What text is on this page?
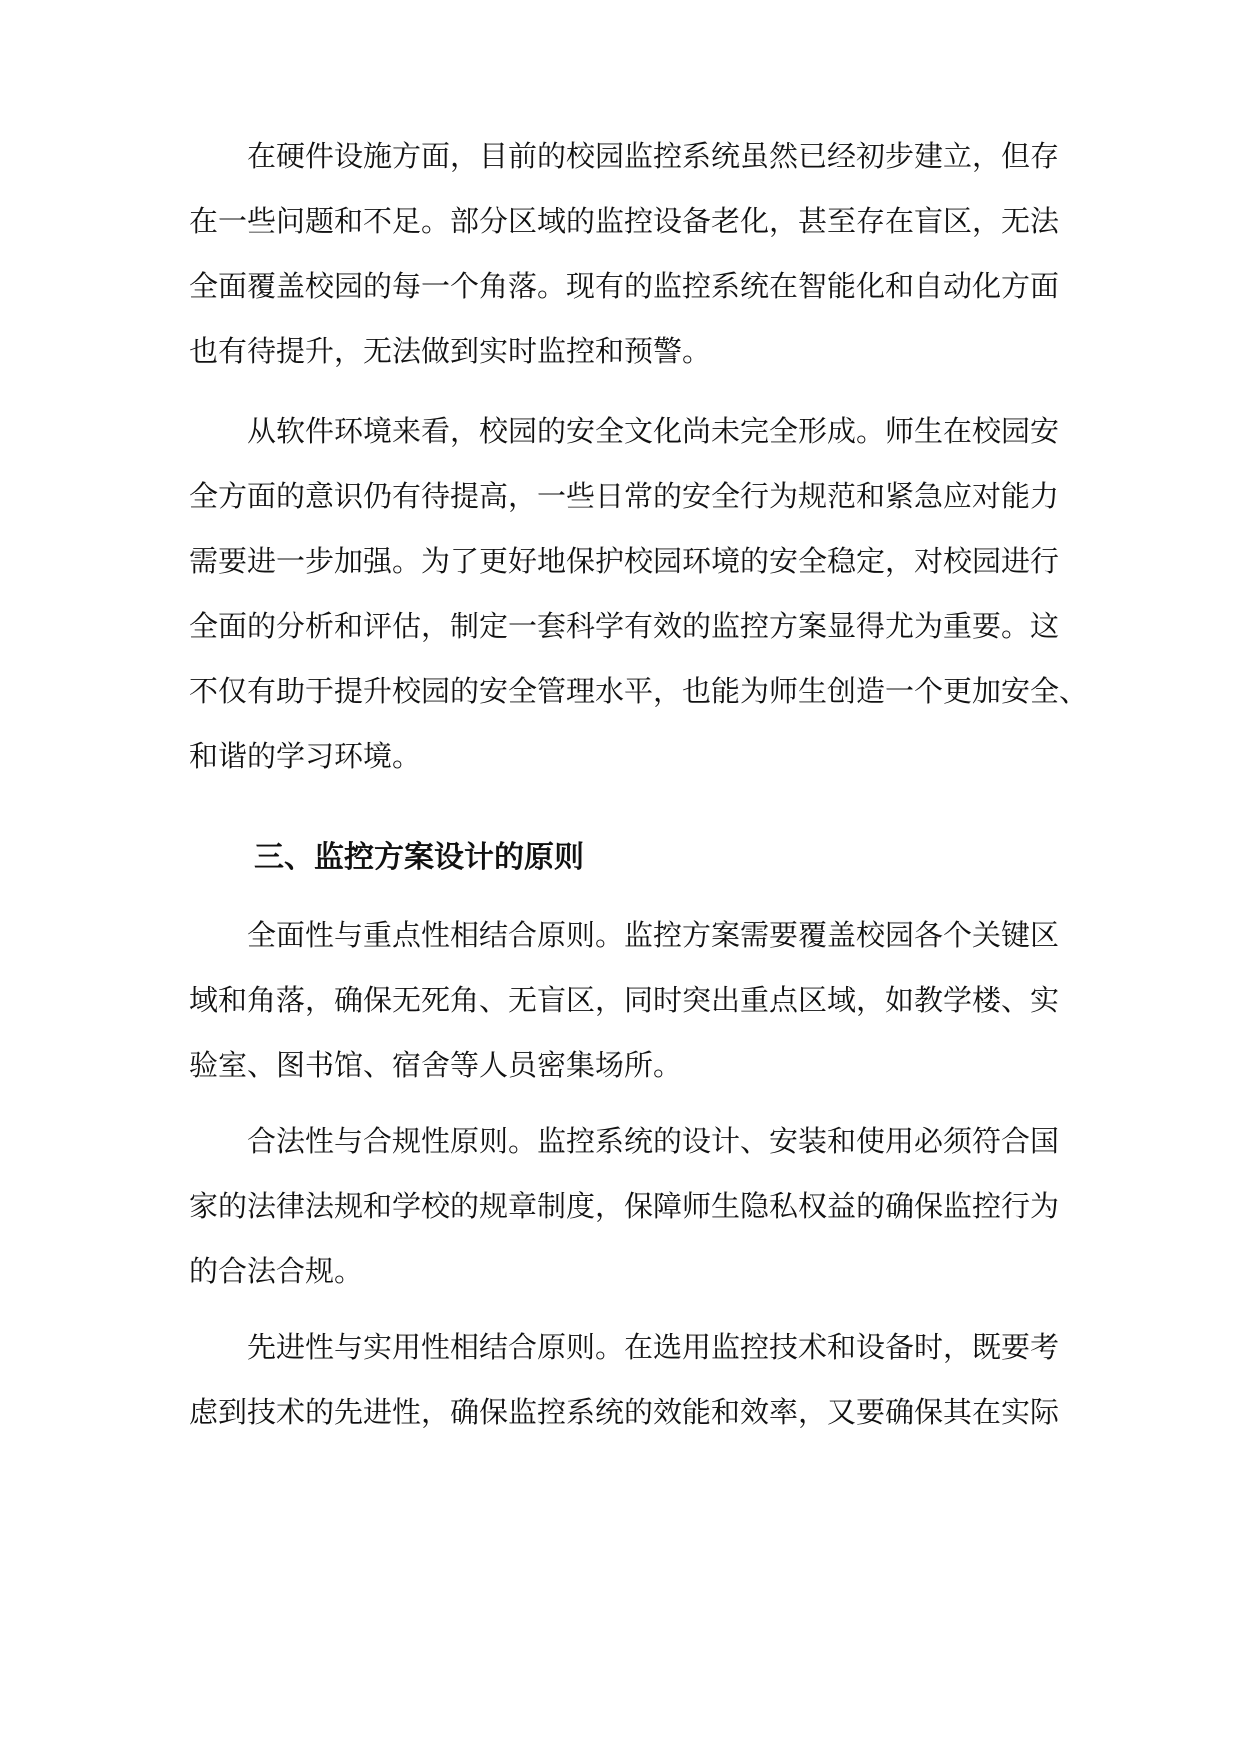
　　在硬件设施方面，目前的校园监控系统虽然已经初步建立，但存
在一些问题和不足。部分区域的监控设备老化，甚至存在盲区，无法
全面覆盖校园的每一个角落。现有的监控系统在智能化和自动化方面
也有待提升，无法做到实时监控和预警。
　　从软件环境来看，校园的安全文化尚未完全形成。师生在校园安
全方面的意识仍有待提高，一些日常的安全行为规范和紧急应对能力
需要进一步加强。为了更好地保护校园环境的安全稳定，对校园进行
全面的分析和评估，制定一套科学有效的监控方案显得尤为重要。这
不仅有助于提升校园的安全管理水平，也能为师生创造一个更加安全、
和谐的学习环境。
三、监控方案设计的原则
　　全面性与重点性相结合原则。监控方案需要覆盖校园各个关键区
域和角落，确保无死角、无盲区，同时突出重点区域，如教学楼、实
验室、图书馆、宿舍等人员密集场所。
　　合法性与合规性原则。监控系统的设计、安装和使用必须符合国
家的法律法规和学校的规章制度，保障师生隐私权益的确保监控行为
的合法合规。
　　先进性与实用性相结合原则。在选用监控技术和设备时，既要考
虑到技术的先进性，确保监控系统的效能和效率，又要确保其在实际
